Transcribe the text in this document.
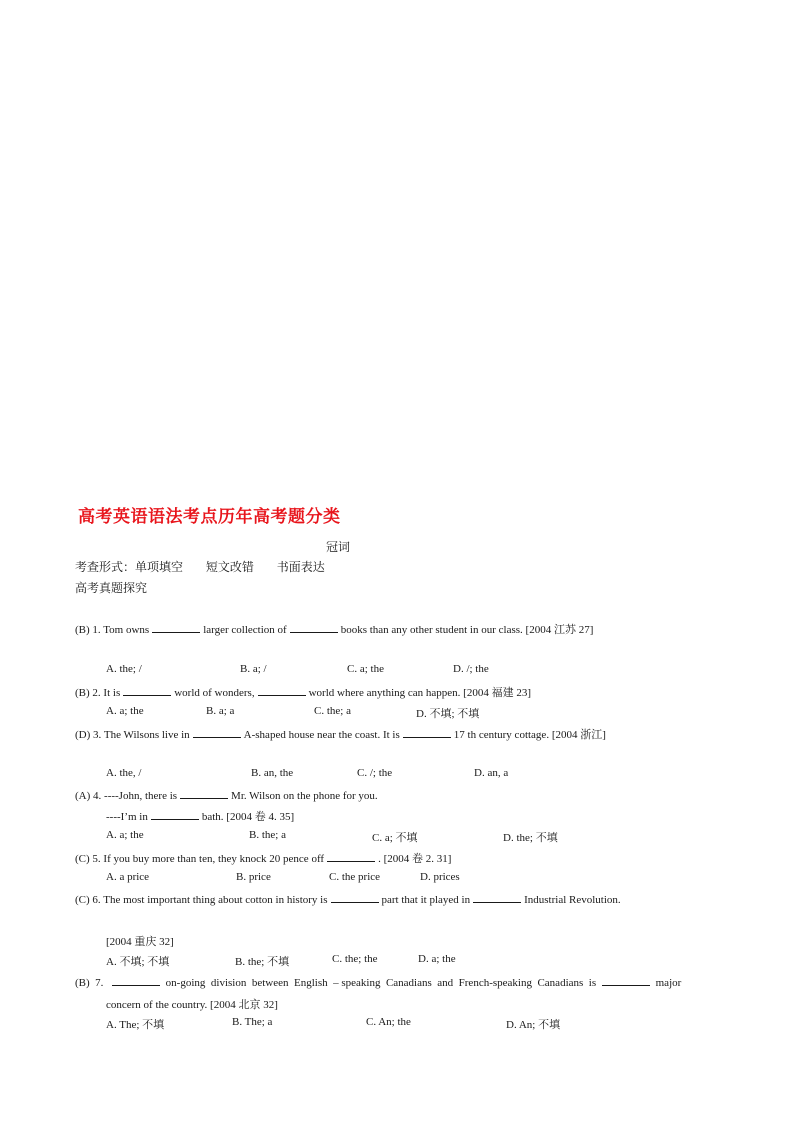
高考英语语法考点历年高考题分类
冠词
考查形式：单项填空      短文改错      书面表达
高考真题探究
(B) 1. Tom owns	larger collection of	books than any other student in our class. [2004 江苏 27]
A. the; /	B. a; /	C. a; the	D. /; the
(B) 2. It is	world of wonders,	world where anything can happen. [2004 福建 23]
A. a; the	B. a; a	C. the; a	D. 不填; 不填
(D) 3. The Wilsons live in	A-shaped house near the coast. It is	17 th century cottage. [2004 浙江]
A. the, /	B. an, the	C. /; the	D. an, a
(A) 4. ----John, there is	Mr. Wilson on the phone for you.
----I’m in	bath. [2004 卷 4. 35]
A. a; the	B. the; a	C. a; 不填	D. the; 不填
(C) 5. If you buy more than ten, they knock 20 pence off	. [2004 卷 2. 31]
A. a price	B. price	C. the price	D. prices
(C) 6. The most important thing about cotton in history is	part that it played in	Industrial Revolution.
[2004 重庆 32]
A. 不填; 不填	B. the; 不填	C. the; the	D. a; the
(B) 7.	on-going  division  between  English  – speaking  Canadians  and  French-speaking  Canadians  is	major
concern of the country. [2004 北京 32]
A. The; 不填	B. The; a	C. An; the	D. An; 不填
